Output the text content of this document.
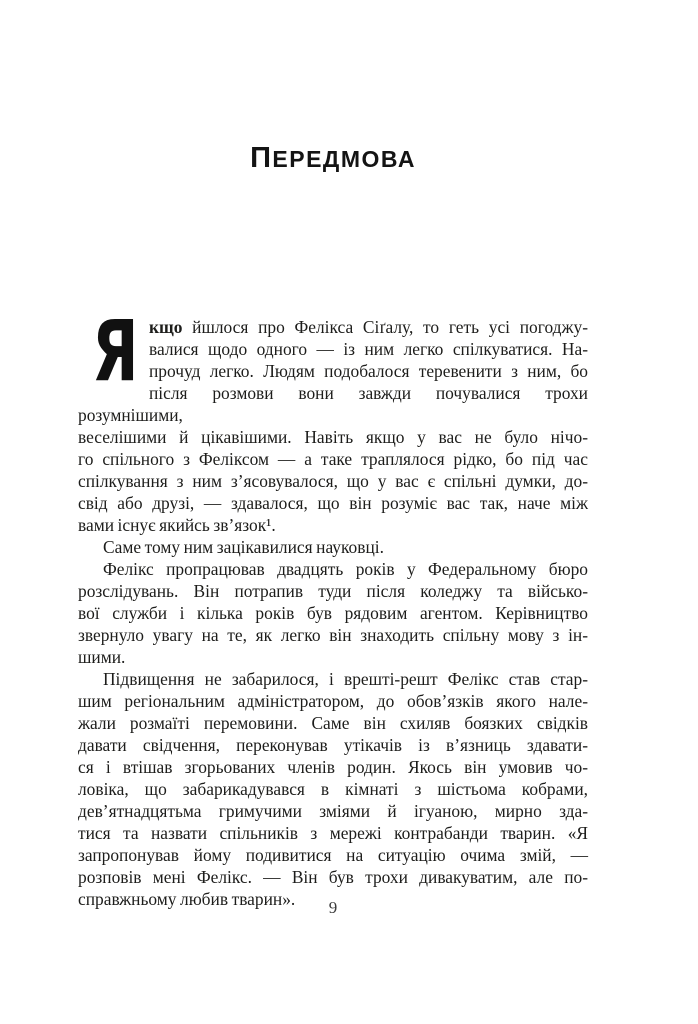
ПЕРЕДМОВА
Я кщо йшлося про Фелікса Сіґалу, то геть усі погоджу-
валися щодо одного — із ним легко спілкуватися. На-
прочуд легко. Людям подобалося теревенити з ним, бо
після розмови вони завжди почувалися трохи розумнішими,
веселішими й цікавішими. Навіть якщо у вас не було нічо-
го спільного з Феліксом — а таке траплялося рідко, бо під час
спілкування з ним з’ясовувалося, що у вас є спільні думки, до-
свід або друзі, — здавалося, що він розуміє вас так, наче між
вами існує якийсь зв’язок¹.
Саме тому ним зацікавилися науковці.
Фелікс пропрацював двадцять років у Федеральному бюро
розслідувань. Він потрапив туди після коледжу та військо-
вої служби і кілька років був рядовим агентом. Керівництво
звернуло увагу на те, як легко він знаходить спільну мову з ін-
шими.
Підвищення не забарилося, і врешті-решт Фелікс став стар-
шим регіональним адміністратором, до обов’язків якого нале-
жали розмаїті перемовини. Саме він схиляв боязких свідків
давати свідчення, переконував утікачів із в’язниць здавати-
ся і втішав згорьованих членів родин. Якось він умовив чо-
ловіка, що забарикадувався в кімнаті з шістьома кобрами,
дев’ятнадцятьма гримучими зміями й ігуаною, мирно зда-
тися та назвати спільників з мережі контрабанди тварин. «Я
запропонував йому подивитися на ситуацію очима змій, —
розповів мені Фелікс. — Він був трохи дивакуватим, але по-
справжньому любив тварин».	9
